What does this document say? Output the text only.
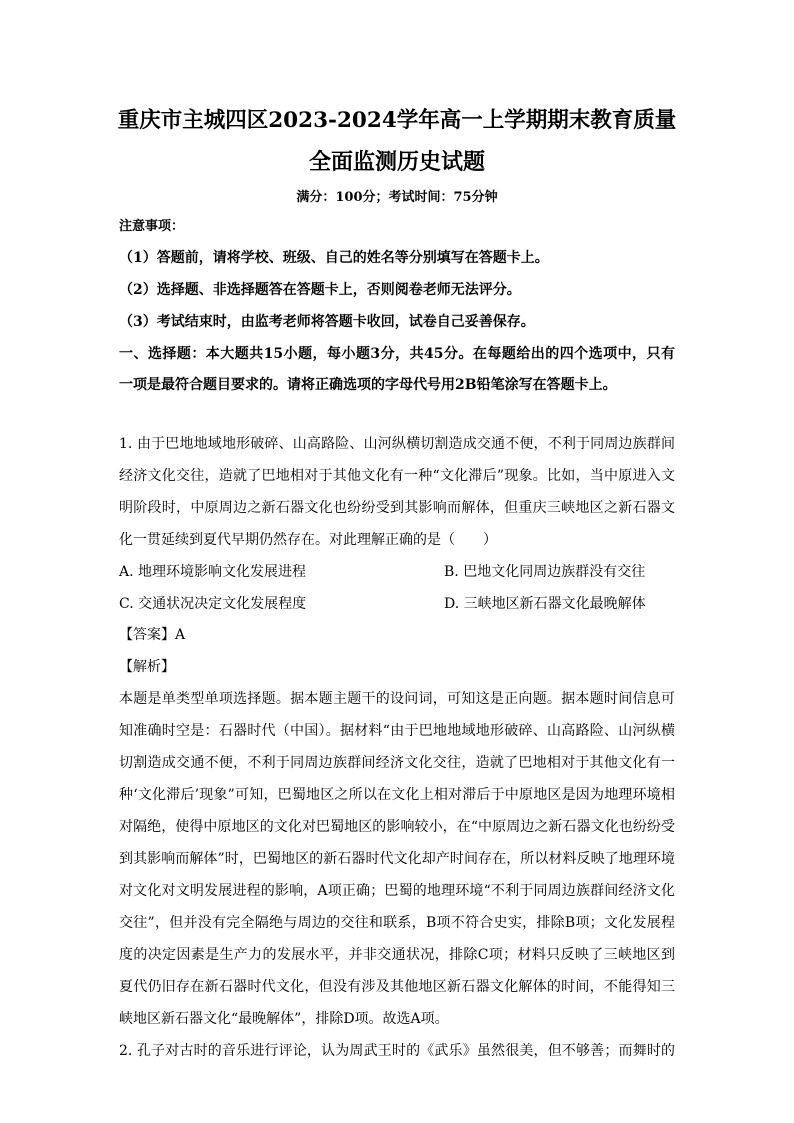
重庆市主城四区2023-2024学年高一上学期期末教育质量
全面监测历史试题
满分：100分；考试时间：75分钟
注意事项：
（1）答题前，请将学校、班级、自己的姓名等分别填写在答题卡上。
（2）选择题、非选择题答在答题卡上，否则阅卷老师无法评分。
（3）考试结束时，由监考老师将答题卡收回，试卷自己妥善保存。
一、选择题：本大题共15小题，每小题3分，共45分。在每题给出的四个选项中，只有
一项是最符合题目要求的。请将正确选项的字母代号用2B铅笔涂写在答题卡上。
1. 由于巴地地域地形破碎、山高路险、山河纵横切割造成交通不便，不利于同周边族群间
经济文化交往，造就了巴地相对于其他文化有一种“文化滞后”现象。比如，当中原进入文
明阶段时，中原周边之新石器文化也纷纷受到其影响而解体，但重庆三峡地区之新石器文
化一贯延续到夏代早期仍然存在。对此理解正确的是（　　）
A. 地理环境影响文化发展进程	B. 巴地文化同周边族群没有交往
C. 交通状况决定文化发展程度	D. 三峡地区新石器文化最晚解体
【答案】A
【解析】
本题是单类型单项选择题。据本题主题干的设问词，可知这是正向题。据本题时间信息可
知准确时空是：石器时代（中国）。据材料“由于巴地地域地形破碎、山高路险、山河纵横
切割造成交通不便，不利于同周边族群间经济文化交往，造就了巴地相对于其他文化有一
种‘文化滞后’现象”可知，巴蜀地区之所以在文化上相对滞后于中原地区是因为地理环境相
对隔绝，使得中原地区的文化对巴蜀地区的影响较小，在“中原周边之新石器文化也纷纷受
到其影响而解体”时，巴蜀地区的新石器时代文化却产时间存在，所以材料反映了地理环境
对文化对文明发展进程的影响，A项正确；巴蜀的地理环境“不利于同周边族群间经济文化
交往”，但并没有完全隔绝与周边的交往和联系，B项不符合史实，排除B项；文化发展程
度的决定因素是生产力的发展水平，并非交通状况，排除C项；材料只反映了三峡地区到
夏代仍旧存在新石器时代文化，但没有涉及其他地区新石器文化解体的时间，不能得知三
峡地区新石器文化“最晚解体”，排除D项。故选A项。
2. 孔子对古时的音乐进行评论，认为周武王时的《武乐》虽然很美，但不够善；而舞时的
